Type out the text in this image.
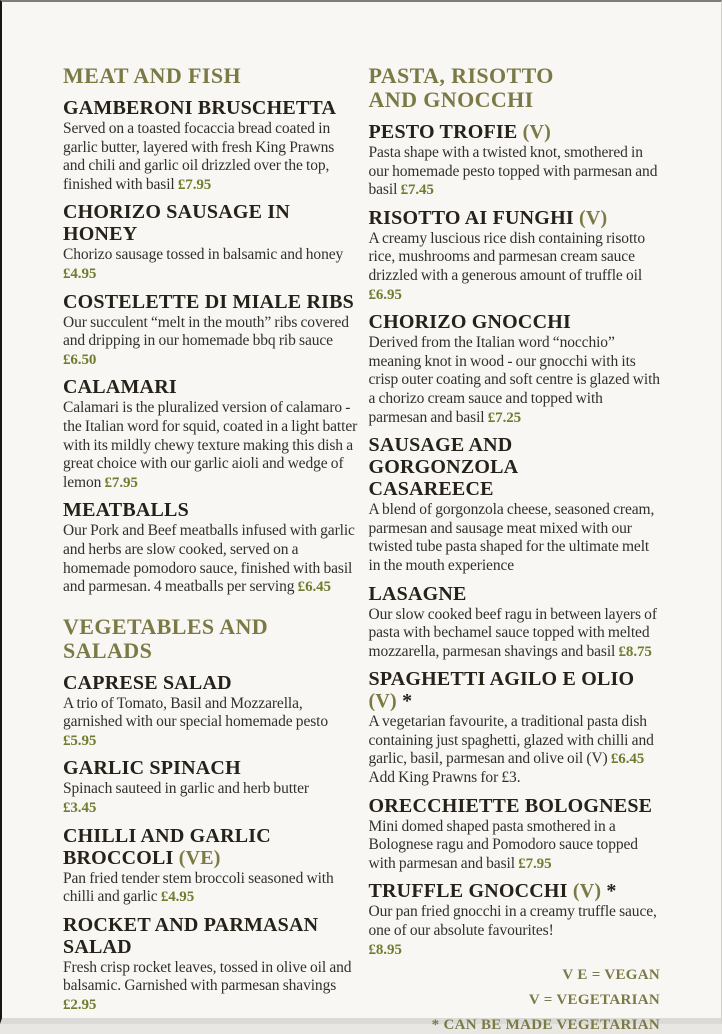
MEAT AND FISH
GAMBERONI BRUSCHETTA

Served on a toasted focaccia bread coated in garlic butter, layered with fresh King Prawns and chili and garlic oil drizzled over the top, finished with basil £7.95

CHORIZO SAUSAGE IN HONEY

Chorizo sausage tossed in balsamic and honey £4.95

COSTELETTE DI MIALE RIBS

Our succulent “melt in the mouth” ribs covered and dripping in our homemade bbq rib sauce £6.50

CALAMARI

Calamari is the pluralized version of calamaro - the Italian word for squid, coated in a light batter with its mildly chewy texture making this dish a great choice with our garlic aioli and wedge of lemon £7.95

MEATBALLS

Our Pork and Beef meatballs infused with garlic and herbs are slow cooked, served on a homemade pomodoro sauce, finished with basil and parmesan. 4 meatballs per serving £6.45

VEGETABLES AND SALADS
CAPRESE SALAD

A trio of Tomato, Basil and Mozzarella, garnished with our special homemade pesto £5.95

GARLIC SPINACH

Spinach sauteed in garlic and herb butter
£3.45

CHILLI AND GARLIC
BROCCOLI (VE)

Pan fried tender stem broccoli seasoned with chilli and garlic £4.95

ROCKET AND PARMASAN
SALAD

Fresh crisp rocket leaves, tossed in olive oil and balsamic. Garnished with parmesan shavings £2.95

PASTA, RISOTTO
AND GNOCCHI
PESTO TROFIE (V)

Pasta shape with a twisted knot, smothered in our homemade pesto topped with parmesan and basil £7.45

RISOTTO AI FUNGHI (V)

A creamy luscious rice dish containing risotto rice, mushrooms and parmesan cream sauce drizzled with a generous amount of truffle oil £6.95

CHORIZO GNOCCHI

Derived from the Italian word “nocchio” meaning knot in wood - our gnocchi with its crisp outer coating and soft centre is glazed with a chorizo cream sauce and topped with parmesan and basil £7.25

SAUSAGE AND GORGONZOLA
CASAREECE

A blend of gorgonzola cheese, seasoned cream, parmesan and sausage meat mixed with our twisted tube pasta shaped for the ultimate melt in the mouth experience

LASAGNE

Our slow cooked beef ragu in between layers of pasta with bechamel sauce topped with melted mozzarella, parmesan shavings and basil £8.75

SPAGHETTI AGILO E OLIO (V) *

A vegetarian favourite, a traditional pasta dish containing just spaghetti, glazed with chilli and garlic, basil, parmesan and olive oil (V) £6.45 Add King Prawns for £3.

ORECCHIETTE BOLOGNESE

Mini domed shaped pasta smothered in a Bolognese ragu and Pomodoro sauce topped with parmesan and basil £7.95

TRUFFLE GNOCCHI (V) *

Our pan fried gnocchi in a creamy truffle sauce, one of our absolute favourites!
£8.95

V E = VEGAN
V = VEGETARIAN
* CAN BE MADE VEGETARIAN
